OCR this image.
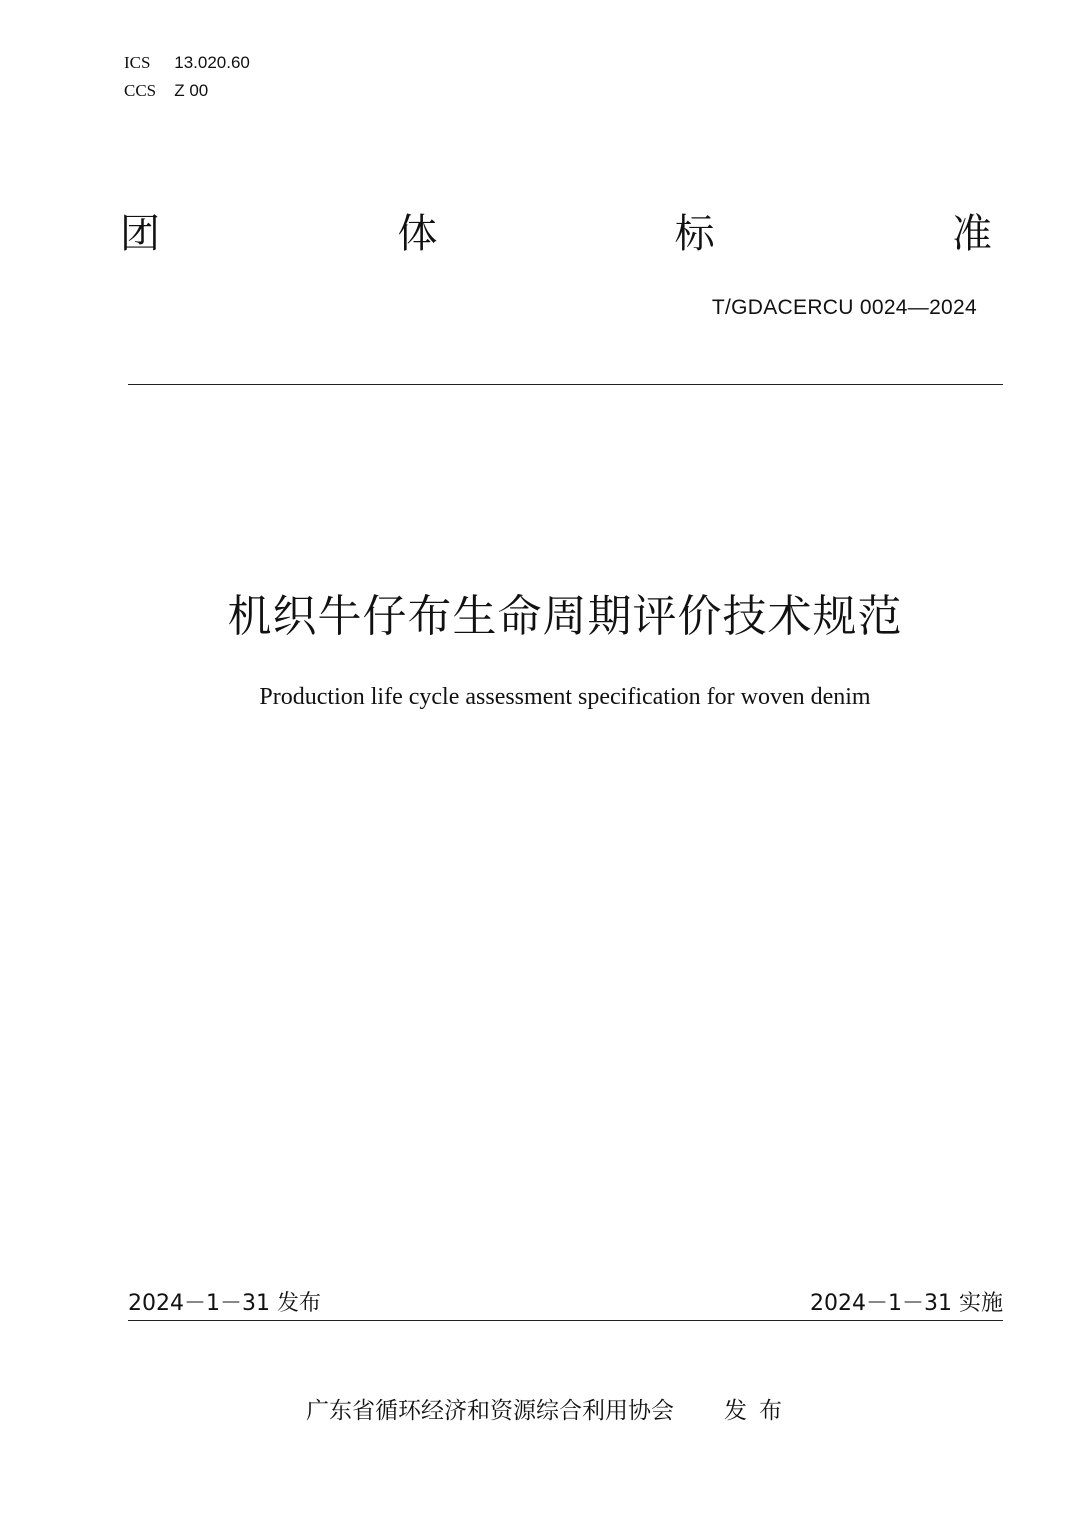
ICS 13.020.60
CCS Z 00
团	体	标	准
T/GDACERCU 0024—2024
机织牛仔布生命周期评价技术规范
Production life cycle assessment specification for woven denim
2024－1－31 发布	2024－1－31 实施
广东省循环经济和资源综合利用协会 发布
